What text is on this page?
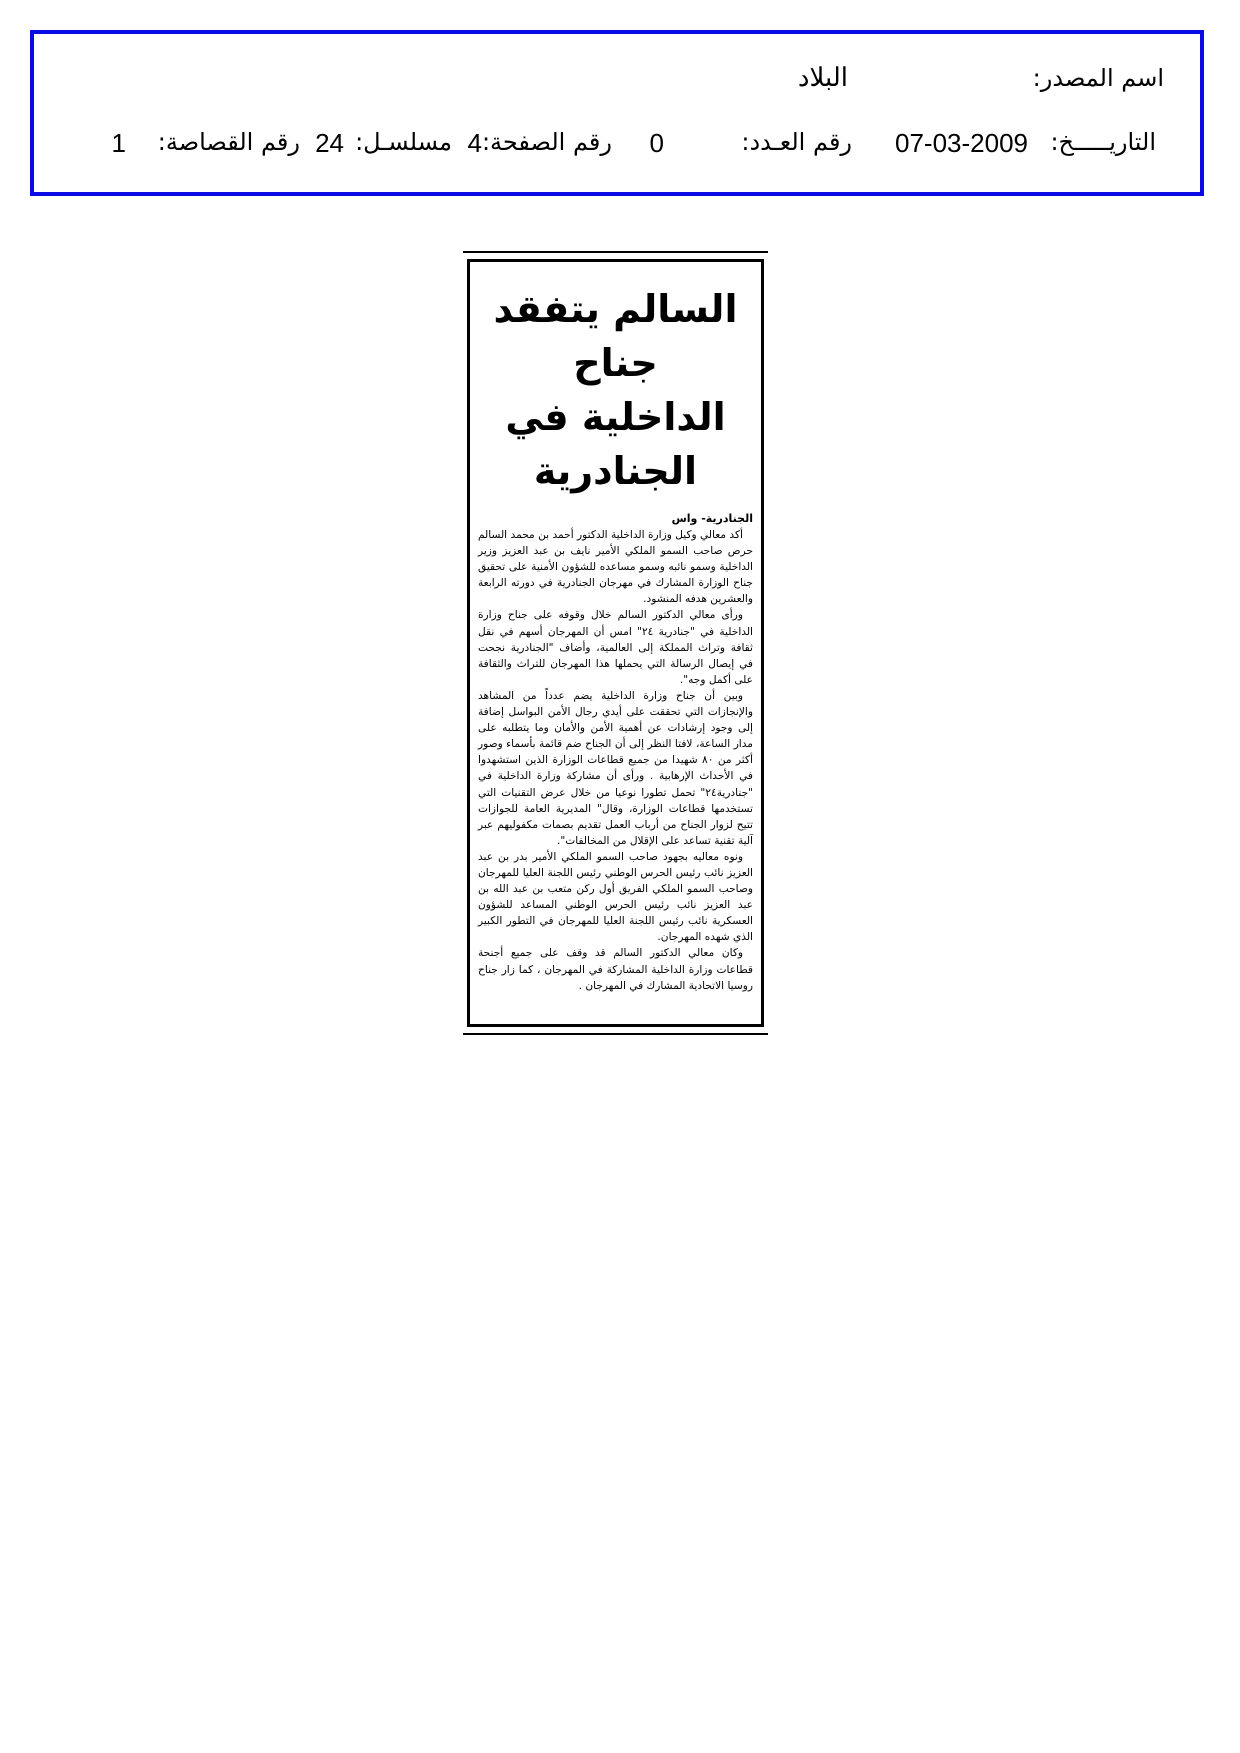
اسم المصدر:
البلاد
التاريـــــخ:
07-03-2009
رقم العـدد:
0
رقم الصفحة:
4
مسلسـل:
24
رقم القصاصة:
1
السالم يتفقد جناح
الداخلية في الجنادرية

الجنادرية- واس

أكد معالي وكيل وزارة الداخلية الدكتور أحمد بن محمد السالم حرص صاحب السمو الملكي الأمير نايف بن عبد العزيز وزير الداخلية وسمو نائبه وسمو مساعده للشؤون الأمنية على تحقيق جناح الوزارة المشارك في مهرجان الجنادرية في دورته الرابعة والعشرين هدفه المنشود.

ورأى معالي الدكتور السالم خلال وقوفه على جناح وزارة الداخلية في "جنادرية ٢٤" امس أن المهرجان أسهم في نقل ثقافة وتراث المملكة إلى العالمية، وأضاف "الجنادرية نجحت في إيصال الرسالة التي يحملها هذا المهرجان للتراث والثقافة على أكمل وجه".

وبين أن جناح وزارة الداخلية يضم عدداً من المشاهد والإنجازات التي تحققت على أيدي رجال الأمن البواسل إضافة إلى وجود إرشادات عن أهمية الأمن والأمان وما يتطلبه على مدار الساعة، لافتا النظر إلى أن الجناح ضم قائمة بأسماء وصور أكثر من ٨٠ شهيدا من جميع قطاعات الوزارة الذين استشهدوا في الأحداث الإرهابية . ورأى أن مشاركة وزارة الداخلية في "جنادرية٢٤" تحمل تطورا نوعيا من خلال عرض التقنيات التي تستخدمها قطاعات الوزارة، وقال" المديرية العامة للجوازات تتيح لزوار الجناح من أرباب العمل تقديم بصمات مكفوليهم عبر آلية تقنية تساعد على الإقلال من المخالفات".

ونوه معاليه بجهود صاحب السمو الملكي الأمير بدر بن عبد العزيز نائب رئيس الحرس الوطني رئيس اللجنة العليا للمهرجان وصاحب السمو الملكي الفريق أول ركن متعب بن عبد الله بن عبد العزيز نائب رئيس الحرس الوطني المساعد للشؤون العسكرية نائب رئيس اللجنة العليا للمهرجان في التطور الكبير الذي شهده المهرجان.

وكان معالي الدكتور السالم قد وقف على جميع أجنحة قطاعات وزارة الداخلية المشاركة في المهرجان ، كما زار جناح روسيا الاتحادية المشارك في المهرجان .
